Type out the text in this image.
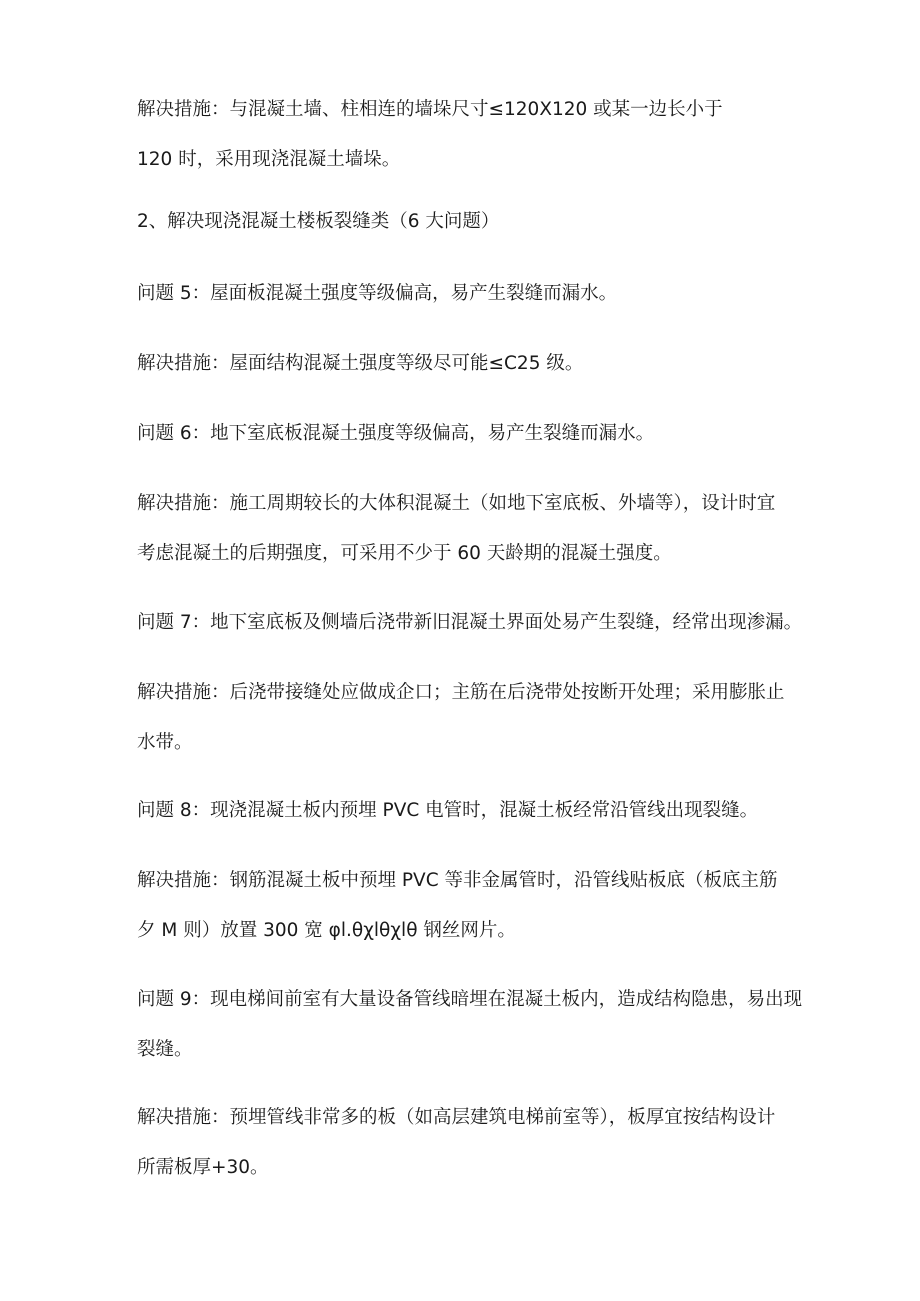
解决措施：与混凝土墙、柱相连的墙垛尺寸≤120X120 或某一边长小于
120 时，采用现浇混凝土墙垛。

2、解决现浇混凝土楼板裂缝类（6 大问题）

问题 5：屋面板混凝土强度等级偏高，易产生裂缝而漏水。

解决措施：屋面结构混凝土强度等级尽可能≤C25 级。

问题 6：地下室底板混凝土强度等级偏高，易产生裂缝而漏水。

解决措施：施工周期较长的大体积混凝土（如地下室底板、外墙等），设计时宜
考虑混凝土的后期强度，可采用不少于 60 天龄期的混凝土强度。

问题 7：地下室底板及侧墙后浇带新旧混凝土界面处易产生裂缝，经常出现渗漏。

解决措施：后浇带接缝处应做成企口；主筋在后浇带处按断开处理；采用膨胀止
水带。

问题 8：现浇混凝土板内预埋 PVC 电管时，混凝土板经常沿管线出现裂缝。

解决措施：钢筋混凝土板中预埋 PVC 等非金属管时，沿管线贴板底（板底主筋
夕 M 则）放置 300 宽 φl.θχlθχlθ 钢丝网片。

问题 9：现电梯间前室有大量设备管线暗埋在混凝土板内，造成结构隐患，易出现
裂缝。

解决措施：预埋管线非常多的板（如高层建筑电梯前室等），板厚宜按结构设计
所需板厚+30。
